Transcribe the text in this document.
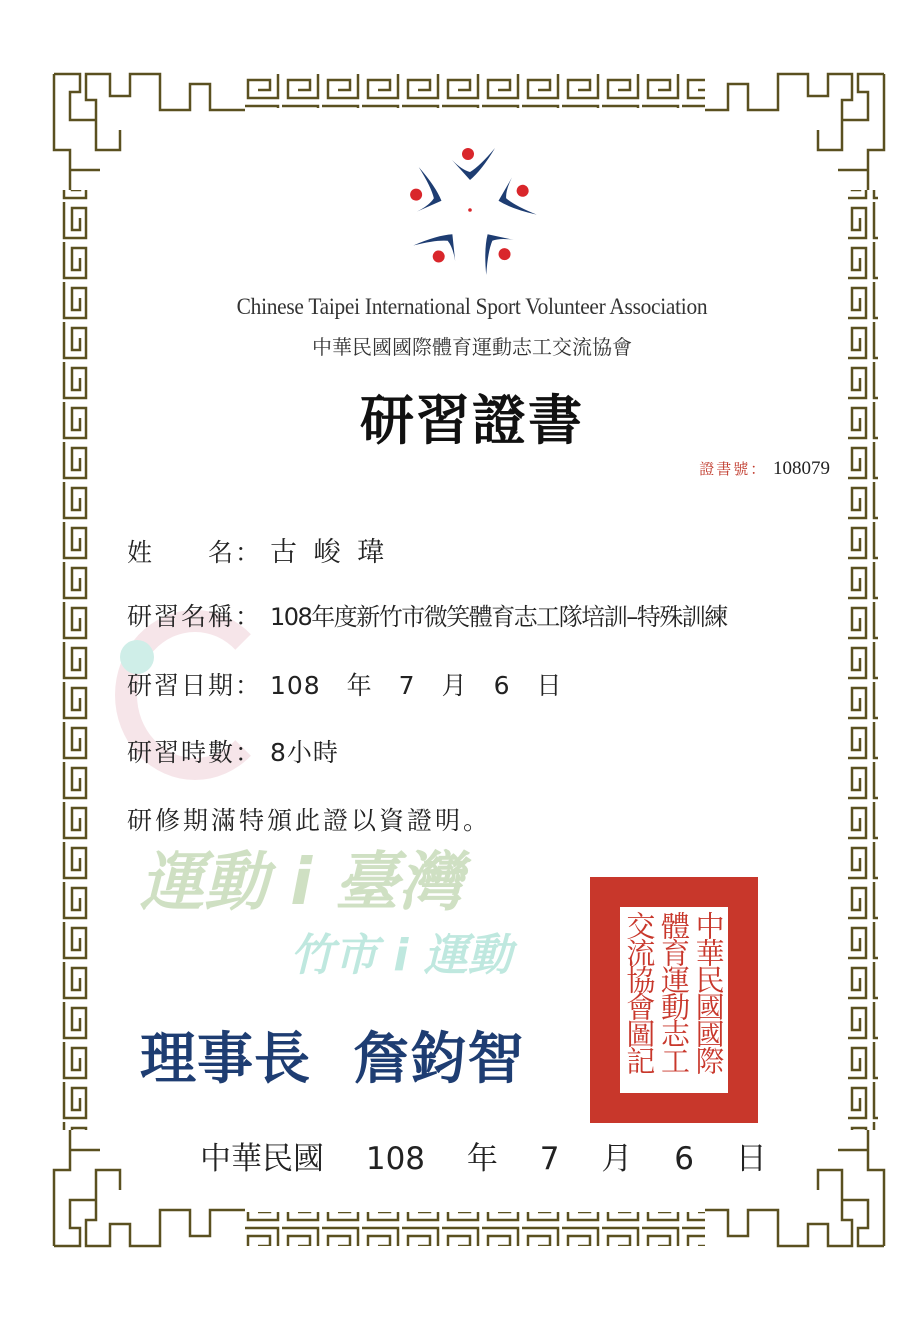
Chinese Taipei International Sport Volunteer Association
中華民國國際體育運動志工交流協會
研習證書
證書號： 108079
運動 i 臺灣
竹市 i 運動
姓　　名： 古 峻 瑋
研習名稱： 108年度新竹市微笑體育志工隊培訓–特殊訓練
研習日期： 108　年　7　月　6　日
研習時數： 8小時
研修期滿特頒此證以資證明。
理事長 詹鈞智	中華民國國際
體育運動志工
交流協會圖記
中華民國 108 年 7 月 6 日
